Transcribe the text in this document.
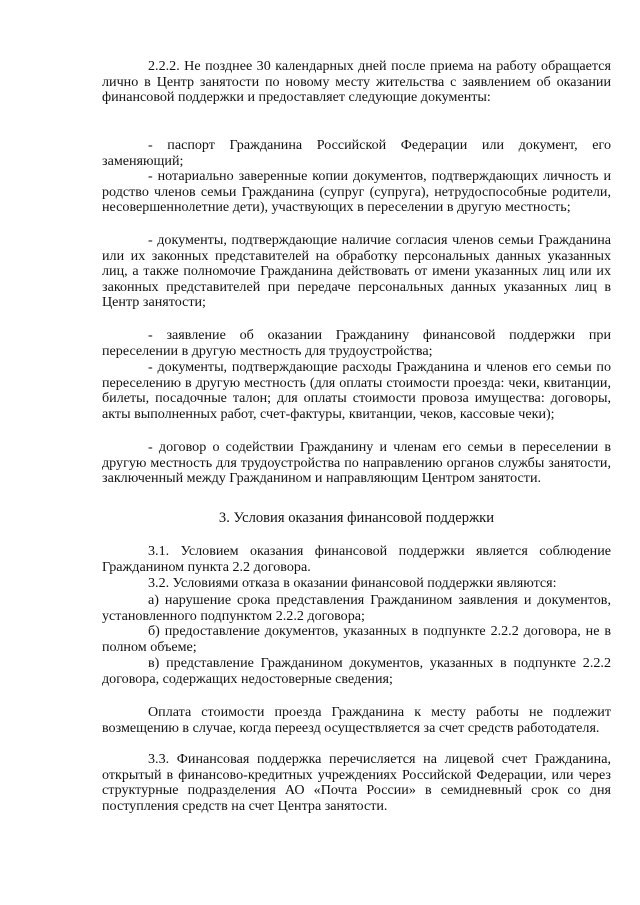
2.2.2. Не позднее 30 календарных дней после приема на работу обращается лично в Центр занятости по новому месту жительства с заявлением об оказании финансовой поддержки и предоставляет следующие документы:

- паспорт Гражданина Российской Федерации или документ, его заменяющий;

- нотариально заверенные копии документов, подтверждающих личность и родство членов семьи Гражданина (супруг (супруга), нетрудоспособные родители, несовершеннолетние дети), участвующих в переселении в другую местность;

- документы, подтверждающие наличие согласия членов семьи Гражданина или их законных представителей на обработку персональных данных указанных лиц, а также полномочие Гражданина действовать от имени указанных лиц или их законных представителей при передаче персональных данных указанных лиц в Центр занятости;

- заявление об оказании Гражданину финансовой поддержки при переселении в другую местность для трудоустройства;

- документы, подтверждающие расходы Гражданина и членов его семьи по переселению в другую местность (для оплаты стоимости проезда: чеки, квитанции, билеты, посадочные талон; для оплаты стоимости провоза имущества: договоры, акты выполненных работ, счет-фактуры, квитанции, чеков, кассовые чеки);

- договор о содействии Гражданину и членам его семьи в переселении в другую местность для трудоустройства по направлению органов службы занятости, заключенный между Гражданином и направляющим Центром занятости.

3. Условия оказания финансовой поддержки

3.1. Условием оказания финансовой поддержки является соблюдение Гражданином пункта 2.2 договора.

3.2. Условиями отказа в оказании финансовой поддержки являются:

а) нарушение срока представления Гражданином заявления и документов, установленного подпунктом 2.2.2 договора;

б) предоставление документов, указанных в подпункте 2.2.2 договора, не в полном объеме;

в) представление Гражданином документов, указанных в подпункте 2.2.2 договора, содержащих недостоверные сведения;

Оплата стоимости проезда Гражданина к месту работы не подлежит возмещению в случае, когда переезд осуществляется за счет средств работодателя.

3.3. Финансовая поддержка перечисляется на лицевой счет Гражданина, открытый в финансово-кредитных учреждениях Российской Федерации, или через структурные подразделения АО «Почта России» в семидневный срок со дня поступления средств на счет Центра занятости.
